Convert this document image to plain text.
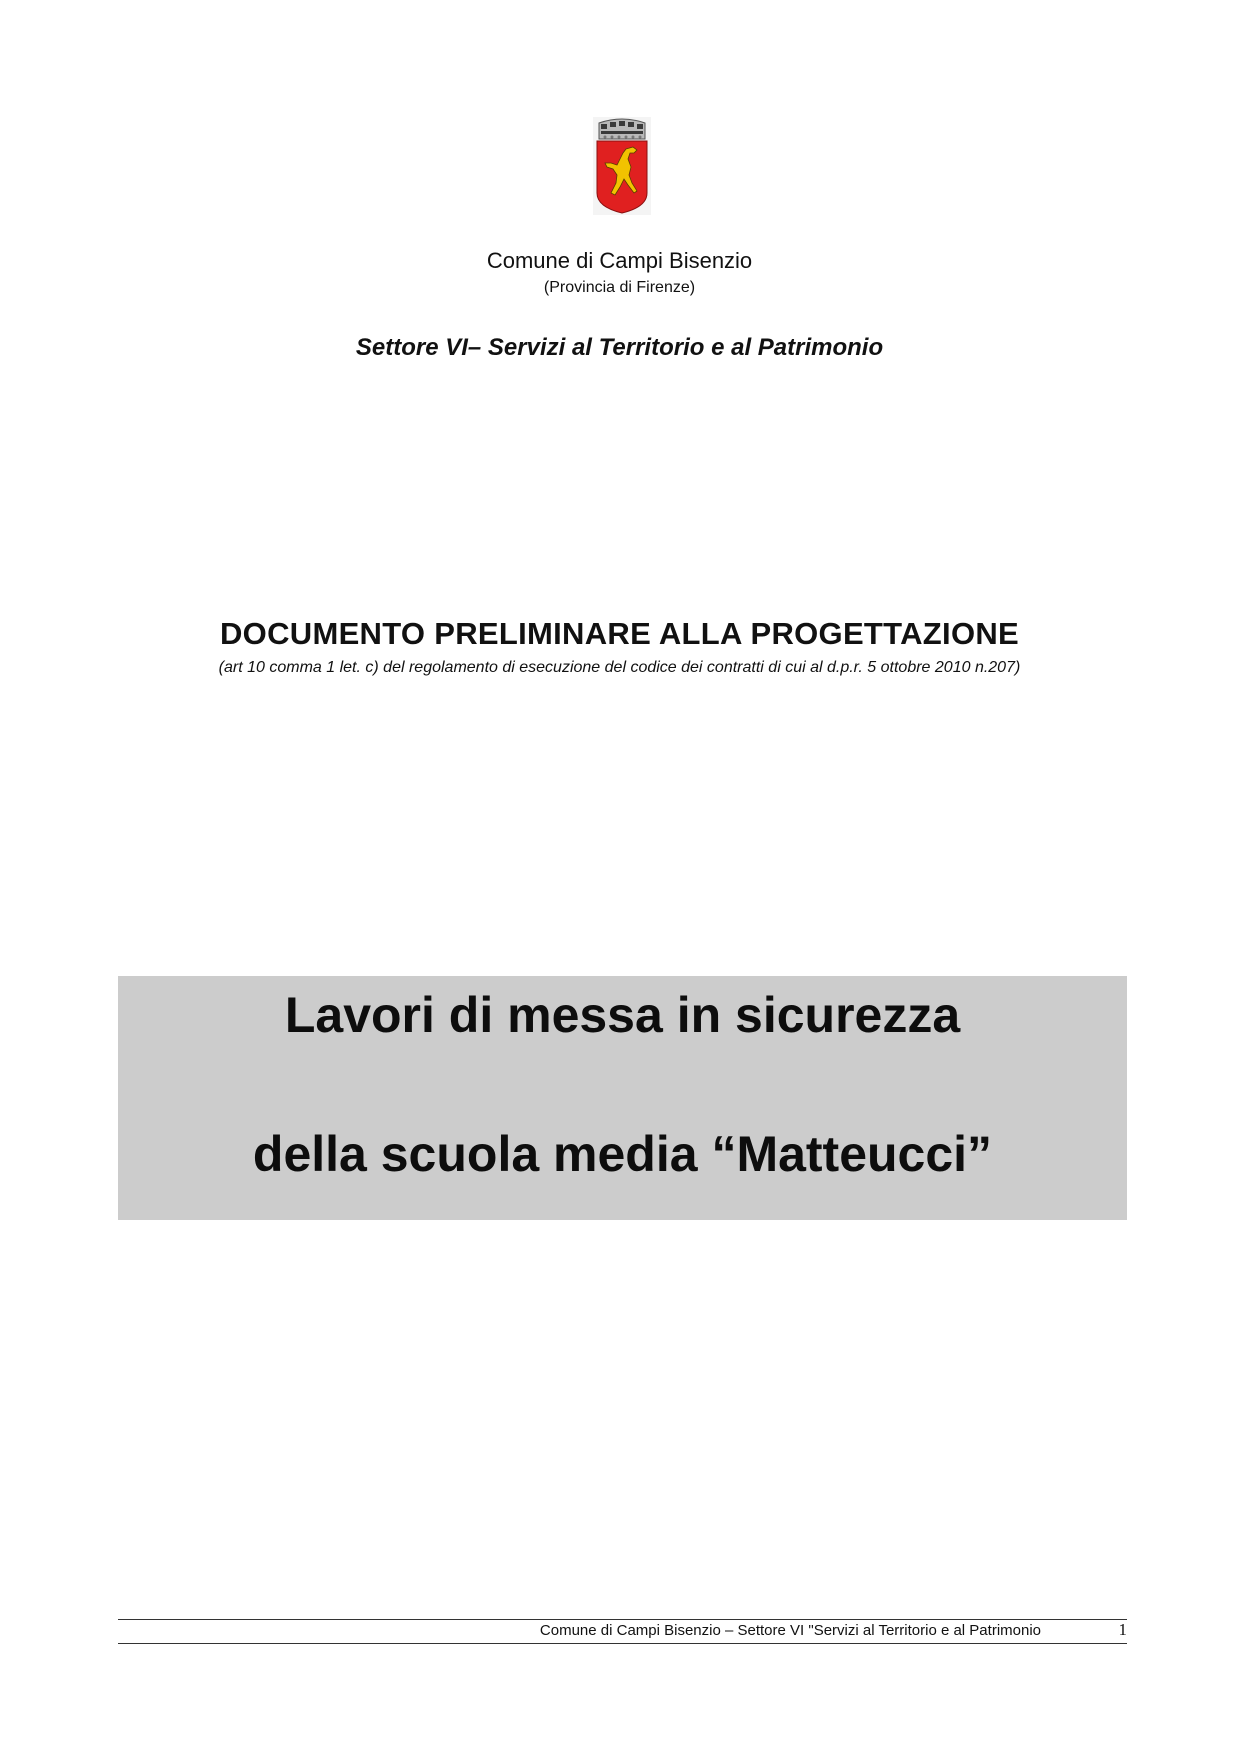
Comune di Campi Bisenzio
(Provincia di Firenze)
Settore VI– Servizi al Territorio e al Patrimonio
DOCUMENTO PRELIMINARE ALLA PROGETTAZIONE
(art 10 comma 1 let. c) del regolamento di esecuzione del codice dei contratti di cui al d.p.r. 5 ottobre 2010 n.207)
Lavori di messa in sicurezza
della scuola media “Matteucci”
Comune di Campi Bisenzio – Settore VI "Servizi al Territorio e al Patrimonio	1
